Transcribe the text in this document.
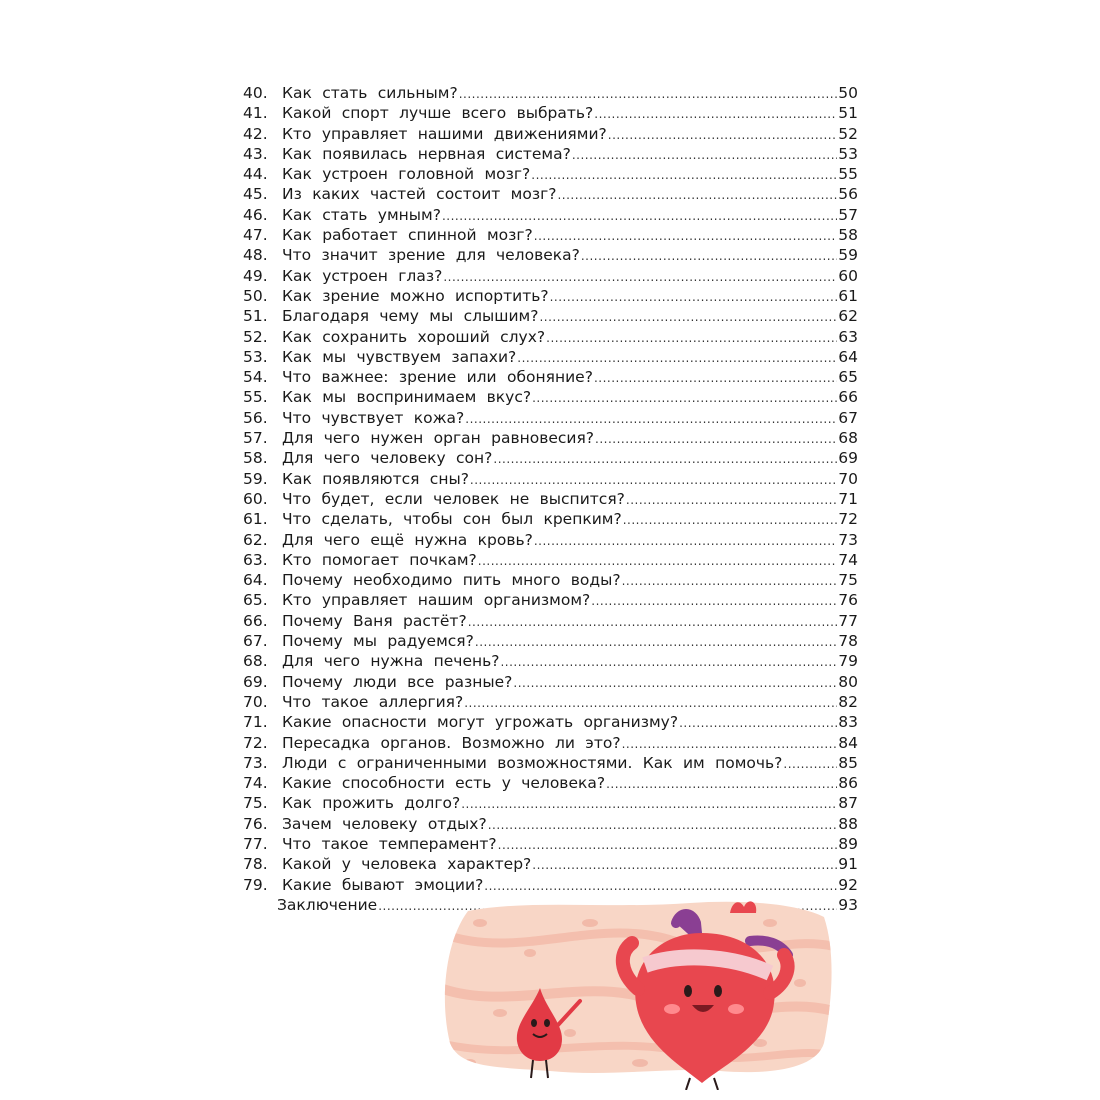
40. Как стать сильным? .....	50
41. Какой спорт лучше всего выбрать? .....	51
42. Кто управляет нашими движениями? .....	52
43. Как появилась нервная система? .....	53
44. Как устроен головной мозг? .....	55
45. Из каких частей состоит мозг? .....	56
46. Как стать умным? .....	57
47. Как работает спинной мозг? .....	58
48. Что значит зрение для человека? .....	59
49. Как устроен глаз? .....	60
50. Как зрение можно испортить? .....	61
51. Благодаря чему мы слышим? .....	62
52. Как сохранить хороший слух? .....	63
53. Как мы чувствуем запахи? .....	64
54. Что важнее: зрение или обоняние? .....	65
55. Как мы воспринимаем вкус? .....	66
56. Что чувствует кожа? .....	67
57. Для чего нужен орган равновесия? .....	68
58. Для чего человеку сон? .....	69
59. Как появляются сны? .....	70
60. Что будет, если человек не выспится? .....	71
61. Что сделать, чтобы сон был крепким? .....	72
62. Для чего ещё нужна кровь? .....	73
63. Кто помогает почкам? .....	74
64. Почему необходимо пить много воды? .....	75
65. Кто управляет нашим организмом? .....	76
66. Почему Ваня растёт? .....	77
67. Почему мы радуемся? .....	78
68. Для чего нужна печень? .....	79
69. Почему люди все разные? .....	80
70. Что такое аллергия? .....	82
71. Какие опасности могут угрожать организму? .....	83
72. Пересадка органов. Возможно ли это? .....	84
73. Люди с ограниченными возможностями. Как им помочь? .....	85
74. Какие способности есть у человека? .....	86
75. Как прожить долго? .....	87
76. Зачем человеку отдых? .....	88
77. Что такое темперамент? .....	89
78. Какой у человека характер? .....	91
79. Какие бывают эмоции? .....	92
Заключение .....	93
